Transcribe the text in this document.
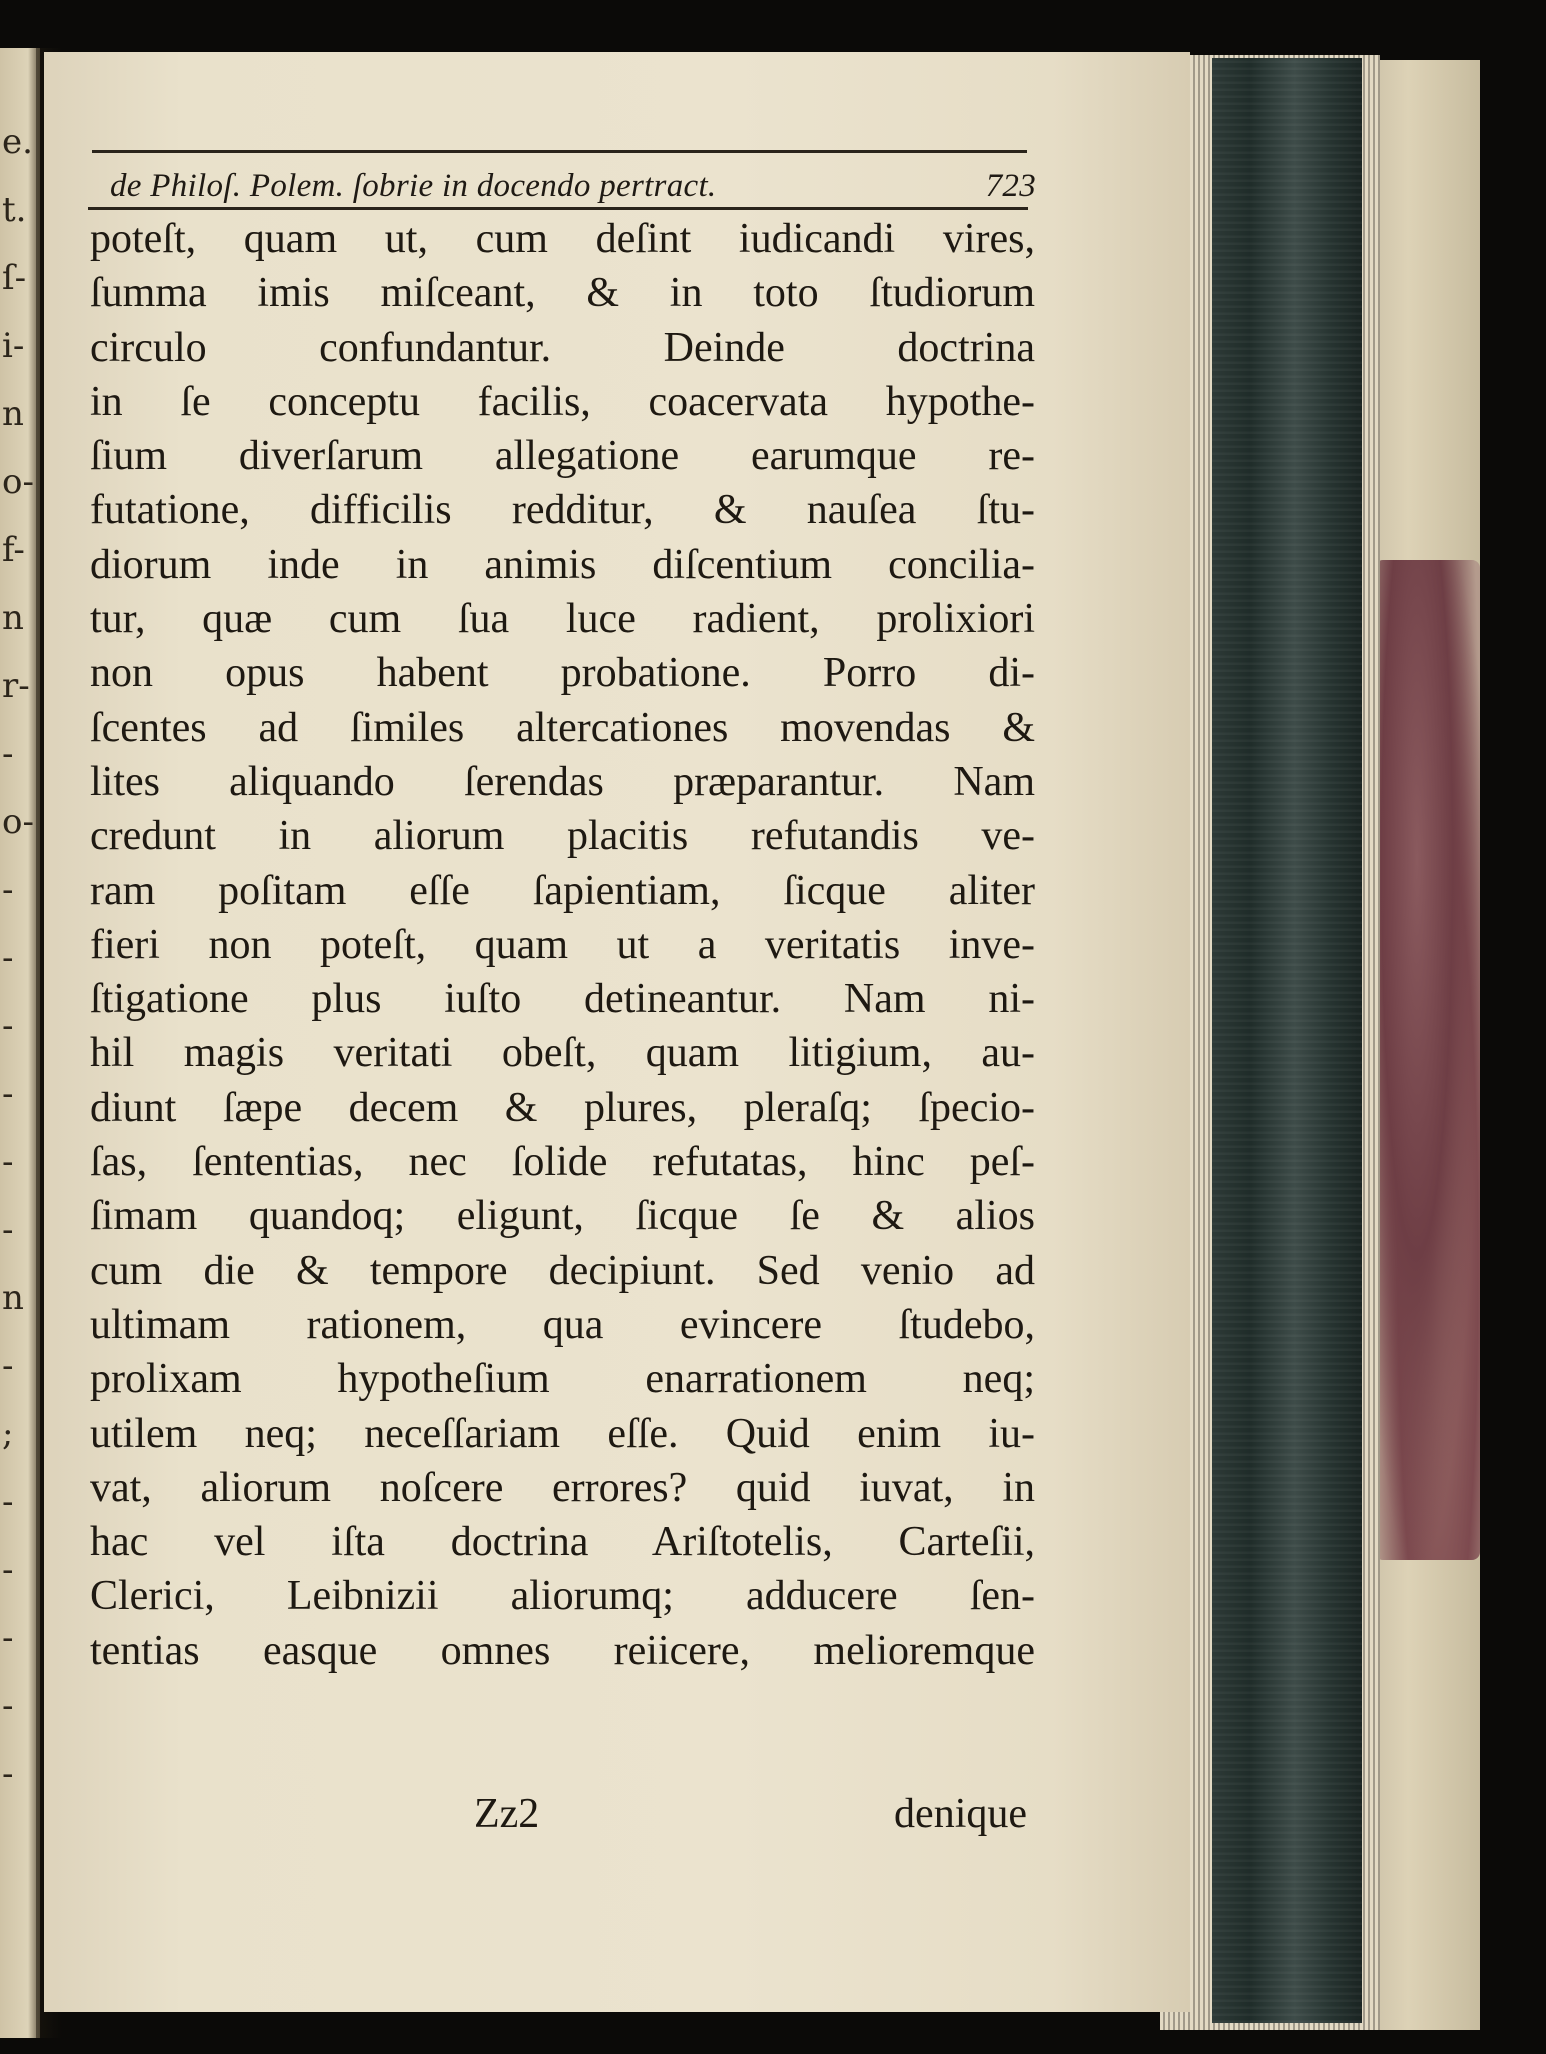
e.
t.
ſ-
i-
n
o-
f-
n
r-
-
o-
-
-
-
-
-
-
n
-
;
-
-
-
-
-
de Philoſ. Polem. ſobrie in docendo pertract.	723
poteſt, quam ut, cum deſint iudicandi vires,
ſumma imis miſceant, & in toto ſtudiorum
circulo confundantur. Deinde doctrina
in ſe conceptu facilis, coacervata hypothe-
ſium diverſarum allegatione earumque re-
futatione, difficilis redditur, & nauſea ſtu-
diorum inde in animis diſcentium concilia-
tur, quæ cum ſua luce radient, prolixiori
non opus habent probatione. Porro di-
ſcentes ad ſimiles altercationes movendas &
lites aliquando ſerendas præparantur. Nam
credunt in aliorum placitis refutandis ve-
ram poſitam eſſe ſapientiam, ſicque aliter
fieri non poteſt, quam ut a veritatis inve-
ſtigatione plus iuſto detineantur. Nam ni-
hil magis veritati obeſt, quam litigium, au-
diunt ſæpe decem & plures, pleraſq; ſpecio-
ſas, ſententias, nec ſolide refutatas, hinc peſ-
ſimam quandoq; eligunt, ſicque ſe & alios
cum die & tempore decipiunt. Sed venio ad
ultimam rationem, qua evincere ſtudebo,
prolixam hypotheſium enarrationem neq;
utilem neq; neceſſariam eſſe. Quid enim iu-
vat, aliorum noſcere errores? quid iuvat, in
hac vel iſta doctrina Ariſtotelis, Carteſii,
Clerici, Leibnizii aliorumq; adducere ſen-
tentias easque omnes reiicere, melioremque
Zz2	denique
